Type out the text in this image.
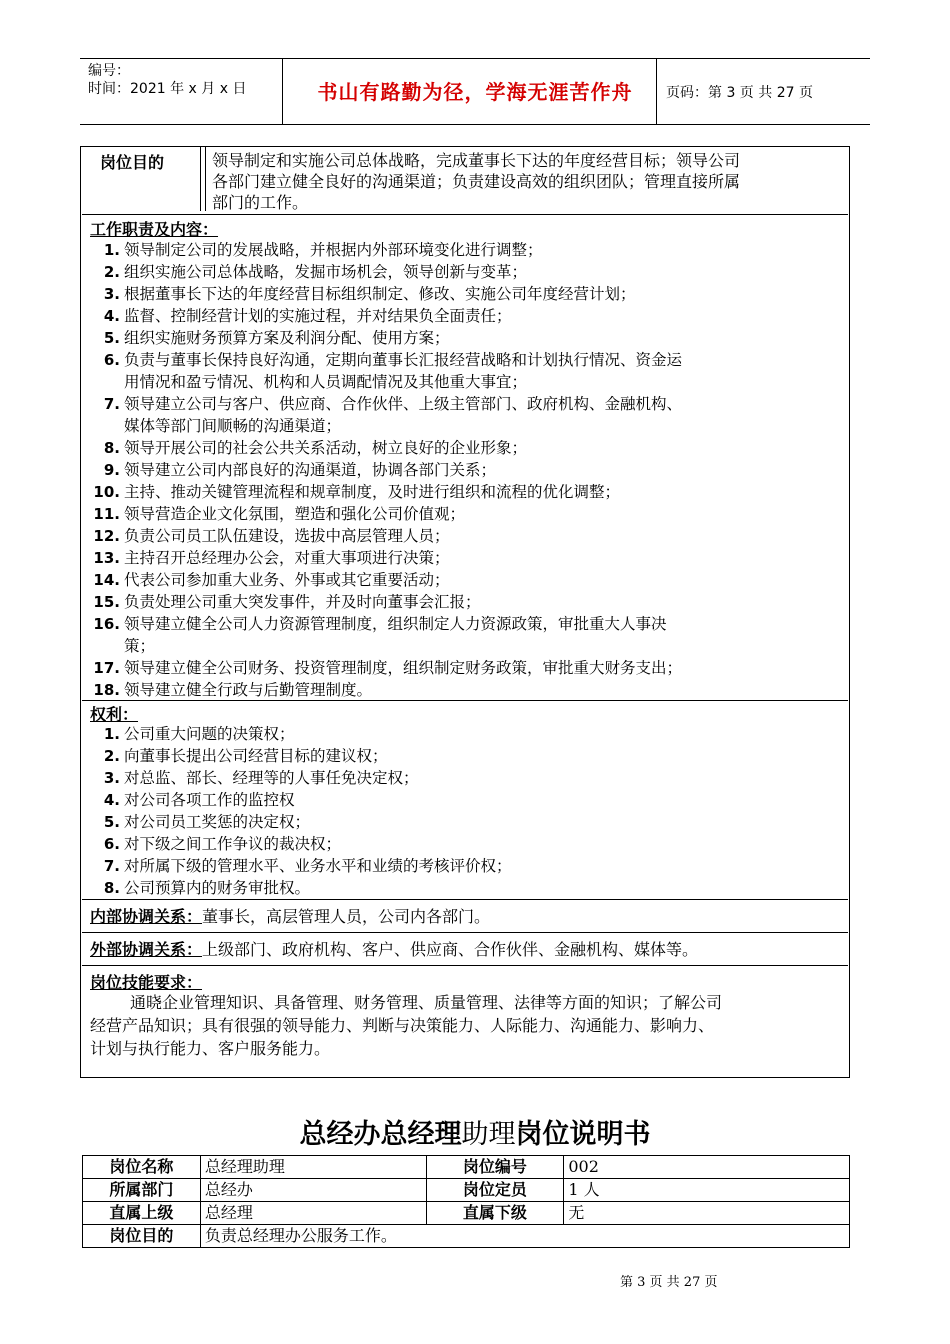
编号：
时间：2021 年 x 月 x 日	书山有路勤为径，学海无涯苦作舟	页码：第 3 页 共 27 页
岗位目的	领导制定和实施公司总体战略，完成董事长下达的年度经营目标；领导公司
各部门建立健全良好的沟通渠道；负责建设高效的组织团队；管理直接所属
部门的工作。
工作职责及内容：
1. 领导制定公司的发展战略，并根据内外部环境变化进行调整；
2. 组织实施公司总体战略，发掘市场机会，领导创新与变革；
3. 根据董事长下达的年度经营目标组织制定、修改、实施公司年度经营计划；
4. 监督、控制经营计划的实施过程，并对结果负全面责任；
5. 组织实施财务预算方案及利润分配、使用方案；
6. 负责与董事长保持良好沟通，定期向董事长汇报经营战略和计划执行情况、资金运
用情况和盈亏情况、机构和人员调配情况及其他重大事宜；
7. 领导建立公司与客户、供应商、合作伙伴、上级主管部门、政府机构、金融机构、
媒体等部门间顺畅的沟通渠道；
8. 领导开展公司的社会公共关系活动，树立良好的企业形象；
9. 领导建立公司内部良好的沟通渠道，协调各部门关系；
10. 主持、推动关键管理流程和规章制度，及时进行组织和流程的优化调整；
11. 领导营造企业文化氛围，塑造和强化公司价值观；
12. 负责公司员工队伍建设，选拔中高层管理人员；
13. 主持召开总经理办公会，对重大事项进行决策；
14. 代表公司参加重大业务、外事或其它重要活动；
15. 负责处理公司重大突发事件，并及时向董事会汇报；
16. 领导建立健全公司人力资源管理制度，组织制定人力资源政策，审批重大人事决
策；
17. 领导建立健全公司财务、投资管理制度，组织制定财务政策，审批重大财务支出；
18. 领导建立健全行政与后勤管理制度。
权利：
1. 公司重大问题的决策权；
2. 向董事长提出公司经营目标的建议权；
3. 对总监、部长、经理等的人事任免决定权；
4. 对公司各项工作的监控权
5. 对公司员工奖惩的决定权；
6. 对下级之间工作争议的裁决权；
7. 对所属下级的管理水平、业务水平和业绩的考核评价权；
8. 公司预算内的财务审批权。
内部协调关系：董事长，高层管理人员，公司内各部门。
外部协调关系：上级部门、政府机构、客户、供应商、合作伙伴、金融机构、媒体等。
岗位技能要求：
通晓企业管理知识、具备管理、财务管理、质量管理、法律等方面的知识；了解公司
经营产品知识；具有很强的领导能力、判断与决策能力、人际能力、沟通能力、影响力、
计划与执行能力、客户服务能力。
总经办总经理助理岗位说明书
岗位名称	总经理助理	岗位编号	002
所属部门	总经办	岗位定员	1 人
直属上级	总经理	直属下级	无
岗位目的	负责总经理办公服务工作。		
第 3 页 共 27 页
